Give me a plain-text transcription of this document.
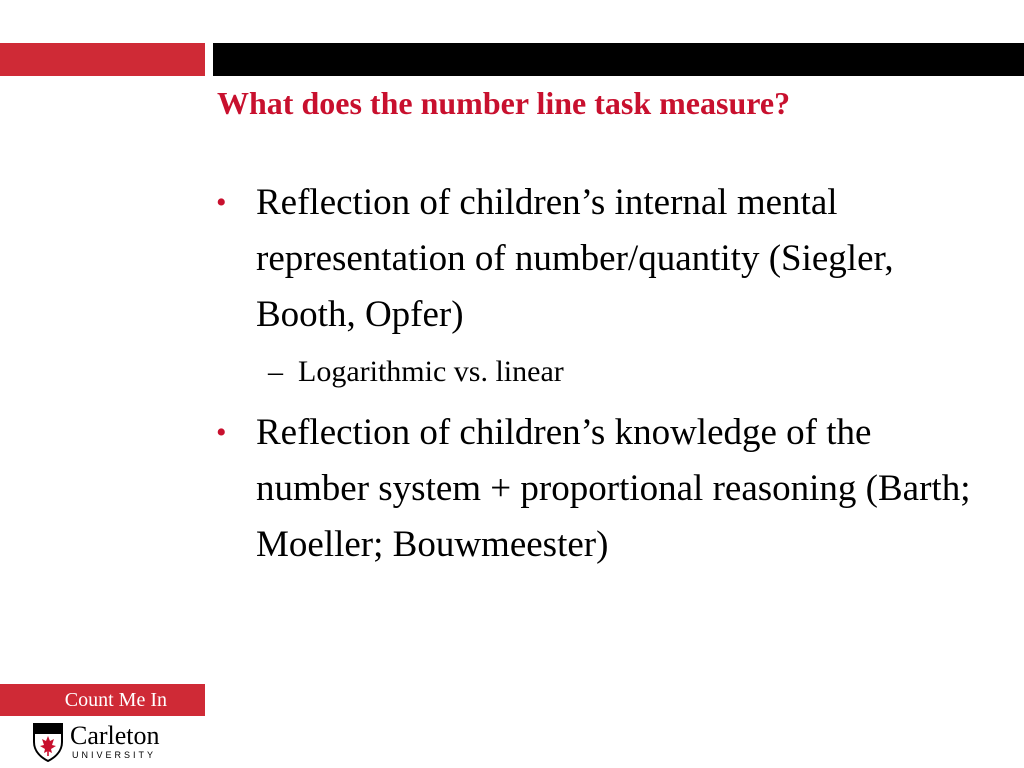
What does the number line task measure?
• Reflection of children’s internal mental representation of number/quantity (Siegler, Booth, Opfer)
– Logarithmic vs. linear
• Reflection of children’s knowledge of the number system + proportional reasoning (Barth; Moeller; Bouwmeester)
Count Me In
Carleton
UNIVERSITY
